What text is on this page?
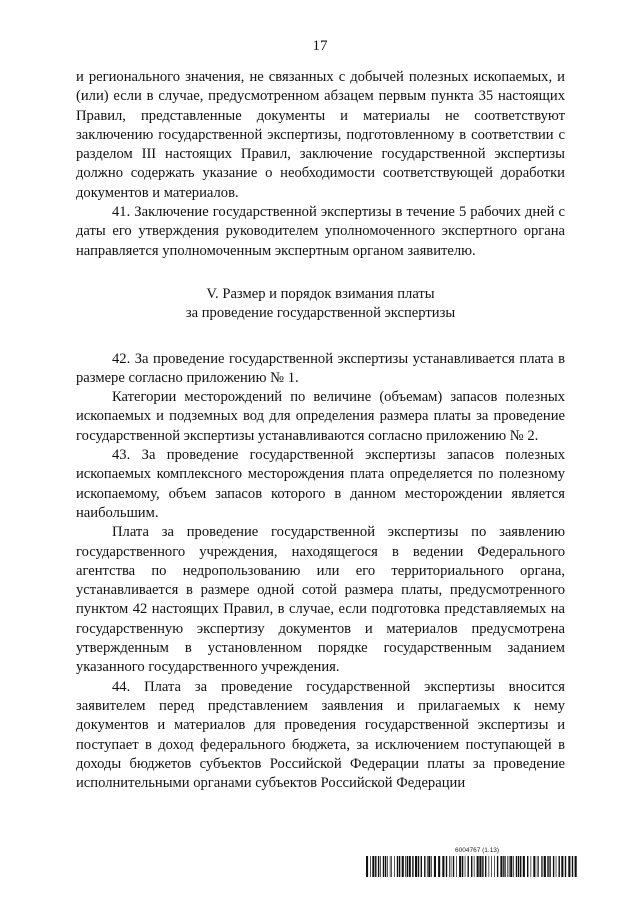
17

и регионального значения, не связанных с добычей полезных ископаемых, и (или) если в случае, предусмотренном абзацем первым пункта 35 настоящих Правил, представленные документы и материалы не соответствуют заключению государственной экспертизы, подготовленному в соответствии с разделом III настоящих Правил, заключение государственной экспертизы должно содержать указание о необходимости соответствующей доработки документов и материалов.

41. Заключение государственной экспертизы в течение 5 рабочих дней с даты его утверждения руководителем уполномоченного экспертного органа направляется уполномоченным экспертным органом заявителю.

V. Размер и порядок взимания платы
за проведение государственной экспертизы

42. За проведение государственной экспертизы устанавливается плата в размере согласно приложению № 1.

Категории месторождений по величине (объемам) запасов полезных ископаемых и подземных вод для определения размера платы за проведение государственной экспертизы устанавливаются согласно приложению № 2.

43. За проведение государственной экспертизы запасов полезных ископаемых комплексного месторождения плата определяется по полезному ископаемому, объем запасов которого в данном месторождении является наибольшим.

Плата за проведение государственной экспертизы по заявлению государственного учреждения, находящегося в ведении Федерального агентства по недропользованию или его территориального органа, устанавливается в размере одной сотой размера платы, предусмотренного пунктом 42 настоящих Правил, в случае, если подготовка представляемых на государственную экспертизу документов и материалов предусмотрена утвержденным в установленном порядке государственным заданием указанного государственного учреждения.

44. Плата за проведение государственной экспертизы вносится заявителем перед представлением заявления и прилагаемых к нему документов и материалов для проведения государственной экспертизы и поступает в доход федерального бюджета, за исключением поступающей в доходы бюджетов субъектов Российской Федерации платы за проведение исполнительными органами субъектов Российской Федерации

6004767 (1.13)
